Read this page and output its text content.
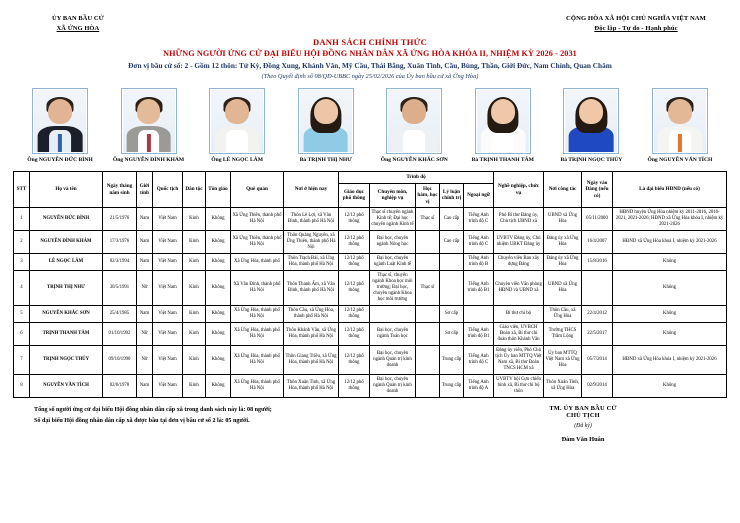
ỦY BAN BẦU CỬ
XÃ ỨNG HÒA
CỘNG HÒA XÃ HỘI CHỦ NGHĨA VIỆT NAM
Độc lập - Tự do - Hạnh phúc
DANH SÁCH CHÍNH THỨC
NHỮNG NGƯỜI ỨNG CỬ ĐẠI BIỂU HỘI ĐỒNG NHÂN DÂN XÃ ỨNG HÒA KHÓA II, NHIỆM KỲ 2026 - 2031
Đơn vị bầu cử số: 2 - Gồm 12 thôn: Tử Kỳ, Đồng Xung, Khánh Vân, Mỹ Cầu, Thái Bằng, Xuân Tinh, Cầu, Bùng, Thần, Giới Đức, Nam Chính, Quan Châm
(Theo Quyết định số 08/QĐ-UBBC ngày 25/02/2026 của Ủy ban bầu cử xã Ứng Hòa)
Ông NGUYỄN ĐỨC BÌNH	Ông NGUYỄN ĐÌNH KHÁM	Ông LÊ NGỌC LÂM	Bà TRỊNH THỊ NHƯ	Ông NGUYỄN KHẮC SƠN	Bà TRỊNH THANH TÂM	Bà TRỊNH NGỌC THÚY	Ông NGUYỄN VĂN TÍCH
STT	Họ và tên	Ngày tháng năm sinh	Giới tính	Quốc tịch	Dân tộc	Tôn giáo	Quê quán	Nơi ở hiện nay	Trình độ					Nghề nghiệp, chức vụ	Nơi công tác	Ngày vào Đảng (nếu có)	Là đại biểu HĐND (nếu có)
									Giáo dục phổ thông	Chuyên môn, nghiệp vụ	Học hàm, học vị	Lý luận chính trị	Ngoại ngữ				
1	NGUYỄN ĐỨC BÌNH	21/5/1976	Nam	Việt Nam	Kinh	Không	Xã Ứng Thiên, thành phố Hà Nội	Thôn Lê Lợi, xã Vân Đình, thành phố Hà Nội	12/12 phổ thông	Thạc sĩ chuyên ngành Kinh tế; Đại học chuyên ngành Kinh tế	Thạc sĩ	Cao cấp	Tiếng Anh trình độ C	Phó Bí thư Đảng ủy, Chủ tịch UBND xã	UBND xã Ứng Hòa	05/11/2000	HĐND huyện Ứng Hòa nhiệm kỳ 2011-2016, 2016-2021, 2021-2026; HĐND xã Ứng Hòa khóa I, nhiệm kỳ 2021-2026
2	NGUYỄN ĐÌNH KHÁM	17/3/1976	Nam	Việt Nam	Kinh	Không	Xã Ứng Thiên, thành phố Hà Nội	Thôn Quảng Nguyên, xã Ứng Thiên, thành phố Hà Nội	12/12 phổ thông	Đại học, chuyên ngành Nông học		Cao cấp	Tiếng Anh trình độ C	UVBTV Đảng ủy, Chủ nhiệm UBKT Đảng ủy	Đảng ủy xã Ứng Hòa	16/4/2007	HĐND xã Ứng Hòa khoá I, nhiệm kỳ 2021-2026
3	LÊ NGỌC LÂM	02/3/1994	Nam	Việt Nam	Kinh	Không	Xã Ứng Hòa, thành phố	Thôn Trạch Bái, xã Ứng Hòa, thành phố Hà Nội	12/12 phổ thông	Đại học, chuyên ngành Luật Kinh tế			Tiếng Anh trình độ B	Chuyên viên Ban xây dựng Đảng	Đảng ủy xã Ứng Hòa	15/8/2016	Không
4	TRỊNH THỊ NHƯ	30/5/1991	Nữ	Việt Nam	Kinh	Không	Xã Vân Đình, thành phố Hà Nội	Thôn Thanh Ấm, xã Vân Đình, thành phố Hà Nội	12/12 phổ thông	Thạc sĩ, chuyên ngành Khoa học môi trường; Đại học, chuyên ngành Khoa học môi trường	Thạc sĩ		Tiếng Anh trình độ B1	Chuyên viên Văn phòng HĐND và UBND xã	UBND xã Ứng Hòa		Không
5	NGUYỄN KHẮC SƠN	25/4/1985	Nam	Việt Nam	Kinh	Không	Xã Ứng Hòa, thành phố Hà Nội	Thôn Cầu, xã Ứng Hòa, thành phố Hà Nội	12/12 phổ thông			Sơ cấp		Bí thư chi bộ	Thôn Cầu, xã Ứng Hòa	22/4/2012	Không
6	TRỊNH THANH TÂM	01/10/1992	Nữ	Việt Nam	Kinh	Không	Xã Ứng Hòa, thành phố Hà Nội	Thôn Khánh Vân, xã Ứng Hòa, thành phố Hà Nội	12/12 phổ thông	Đại học, chuyên ngành Toán học		Sơ cấp	Tiếng Anh trình độ B1	Giáo viên, UVBCH Đoàn xã, Bí thư chi đoàn thôn Khánh Vân	Trường THCS Trầm Lộng	22/5/2017	Không
7	TRỊNH NGỌC THÚY	09/10/1990	Nữ	Việt Nam	Kinh	Không	Xã Ứng Hòa, thành phố Hà Nội	Thôn Giang Triều, xã Ứng Hòa, thành phố Hà Nội	12/12 phổ thông	Đại học, chuyên ngành Quản trị kinh doanh		Trung cấp	Tiếng Anh trình độ C	Đảng ủy viên, Phó Chủ tịch Ủy ban MTTQ Việt Nam xã, Bí thư Đoàn TNCS HCM xã	Ủy ban MTTQ Việt Nam xã Ứng Hòa	05/7/2014	HĐND xã Ứng Hòa khóa I, nhiệm kỳ 2021-2026
8	NGUYỄN VĂN TÍCH	02/6/1978	Nam	Việt Nam	Kinh	Không	Xã Ứng Hòa, thành phố Hà Nội	Thôn Xuân Tinh, xã Ứng Hòa, thành phố Hà Nội	12/12 phổ thông	Đại học, chuyên ngành Quản trị kinh doanh		Trung cấp	Tiếng Anh trình độ A	UVBTV hội Cựu chiến binh xã, Bí thư chi bộ thôn	Thôn Xuân Tinh, xã Ứng Hòa	02/9/2014	Không
Tổng số người ứng cử đại biểu Hội đồng nhân dân cấp xã trong danh sách này là: 08 người;
Số đại biểu Hội đồng nhân dân cấp xã được bầu tại đơn vị bầu cử số 2 là: 05 người.
TM. ỦY BAN BẦU CỬ
CHỦ TỊCH
(Đã ký)
Đàm Văn Huân
